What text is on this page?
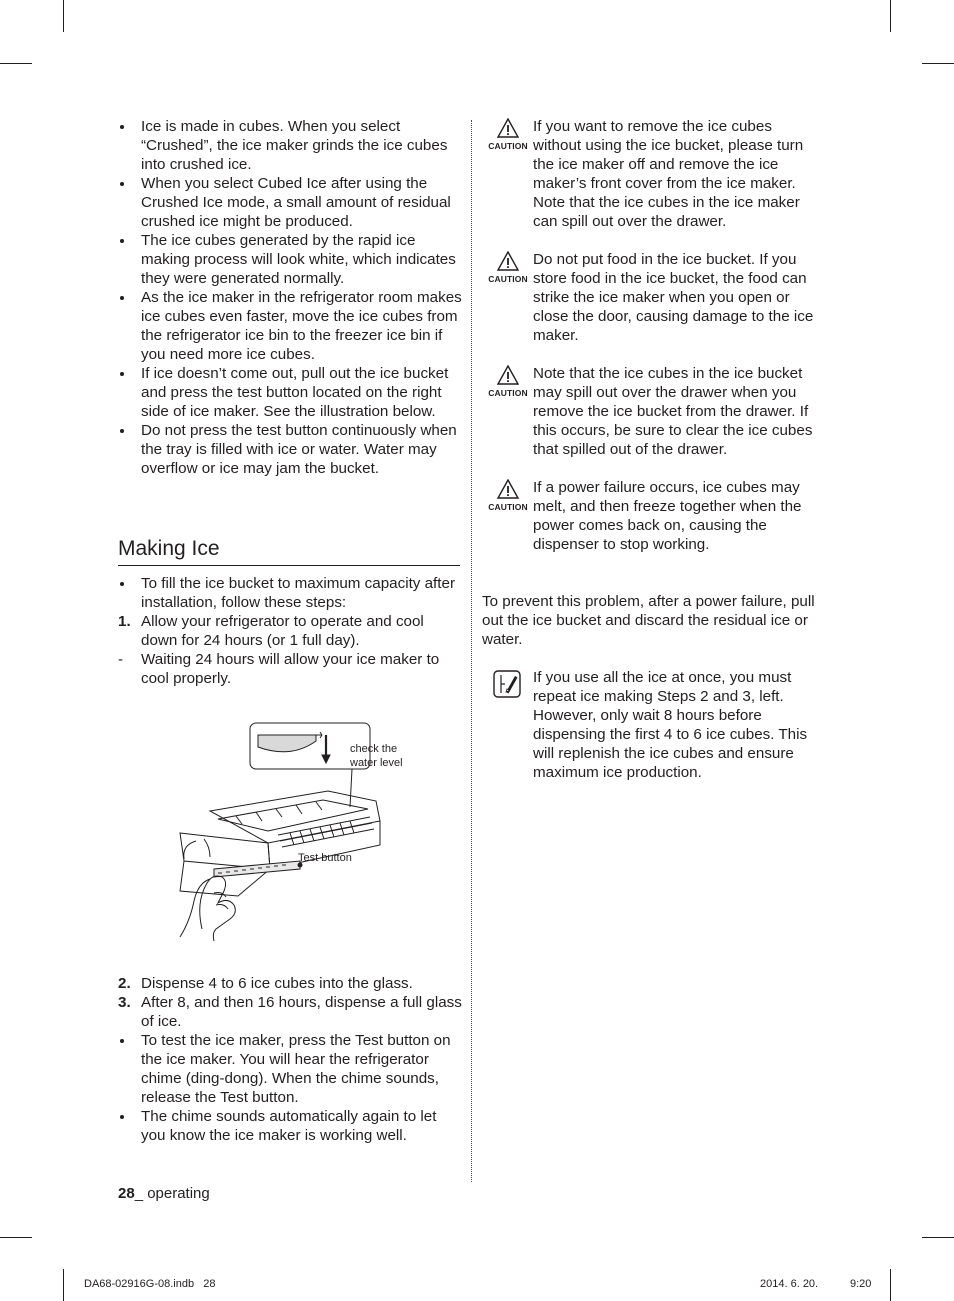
Ice is made in cubes. When you select “Crushed”, the ice maker grinds the ice cubes into crushed ice.
When you select Cubed Ice after using the Crushed Ice mode, a small amount of residual crushed ice might be produced.
The ice cubes generated by the rapid ice making process will look white, which indicates they were generated normally.
As the ice maker in the refrigerator room makes ice cubes even faster, move the ice cubes from the refrigerator ice bin to the freezer ice bin if you need more ice cubes.
If ice doesn’t come out, pull out the ice bucket and press the test button located on the right side of ice maker. See the illustration below.
Do not press the test button continuously when the tray is filled with ice or water. Water may overflow or ice may jam the bucket.
Making Ice
To fill the ice bucket to maximum capacity after installation, follow these steps:
1. Allow your refrigerator to operate and cool down for 24 hours (or 1 full day).
-	Waiting 24 hours will allow your ice maker to cool properly.
check the water level
Test button
2. Dispense 4 to 6 ice cubes into the glass.
3. After 8, and then 16 hours, dispense a full glass of ice.
To test the ice maker, press the Test button on the ice maker. You will hear the refrigerator chime (ding-dong). When the chime sounds, release the Test button.
The chime sounds automatically again to let you know the ice maker is working well.
CAUTION
If you want to remove the ice cubes without using the ice bucket, please turn the ice maker off and remove the ice maker’s front cover from the ice maker. Note that the ice cubes in the ice maker can spill out over the drawer.
CAUTION
Do not put food in the ice bucket. If you store food in the ice bucket, the food can strike the ice maker when you open or close the door, causing damage to the ice maker.
CAUTION
Note that the ice cubes in the ice bucket may spill out over the drawer when you remove the ice bucket from the drawer. If this occurs, be sure to clear the ice cubes that spilled out of the drawer.
CAUTION
If a power failure occurs, ice cubes may melt, and then freeze together when the power comes back on, causing the dispenser to stop working.
To prevent this problem, after a power failure, pull out the ice bucket and discard the residual ice or water.
If you use all the ice at once, you must repeat ice making Steps 2 and 3, left. However, only wait 8 hours before dispensing the first 4 to 6 ice cubes. This will replenish the ice cubes and ensure maximum ice production.
28_ operating
DA68-02916G-08.indb   28	2014. 6. 20.	9:20
